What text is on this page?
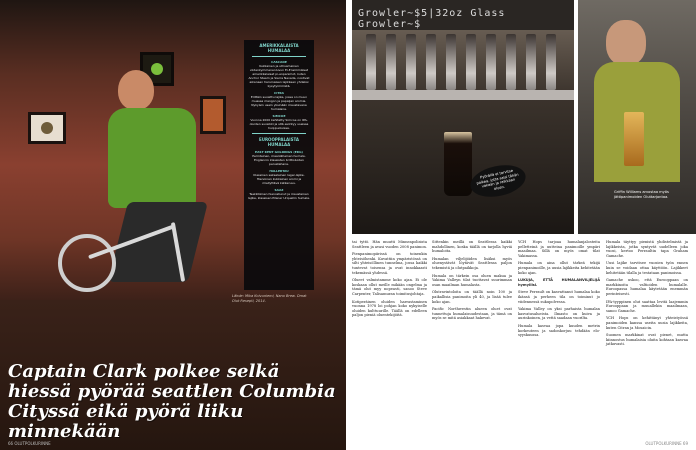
AMERIKKALAISTA HUMALAA
CASCADE
Kukkainen ja sitrusmainen viidenkymmenenluvun Ei-Ensimmäiset amerikkalaiset pi-enpanimot, kuten Anchor Steam ja Sierra Nevada, nostivat aikanaan haruinaisen lajikkeen yhdeksi kysytyimmistä.
CITRA
Erittäin suosittu lajike, jossa on muun muassa mangon ja papaijan aromia. Nykyisin usein yksinään maustavana humalana.
SIMCOE
Vuonna 2000 kehitetty Simcoe on IPA-oluiden suosikki ja sitä esiintyy useissa huippuoluissa.
EUROOPPALAISTA HUMALAA
EAST KENT GOLDINGS (EKG)
Perinteinen, maanläheinen humala. Englannin klassisten brittioluiden perustahana.
HALLERTAU
Klassinen saksalainen lager-lajike. Hienoinen kukkainen aromi ja miellyttävä katkeruus.
SAAZ
Tsekkiläinen hienostunut ja mausteinen lajike, klassisen Pilsner Urquellin humala.
Lähde: Mika Koivuniemi, Nano Brew. Omat Olut Resepti, 2014.
Captain Clark polkee selkä hiessä pyörää seattlen Columbia Cityssä eikä pyörä liiku minnekään
66 OLUTPOLKURINNE
Growler~$5|32oz Glass Growler~$
Pyörällä ei tarvitse polkea, jotta saisi tähän vakaan ja raikkaan oluen.
Griffin Williams arvostaa myös jättipanimoiden Oluttarjontaa.

tai tyttö. Hän muutti Minneapolisista Seattleen ja avasi vuoden 2008 panimon.

Pienpanimopiirissä on toinenkin yhteisöhenki. Kuvattiin ympäristössä on silti yhteisöllinen tunnelma, jossa kaikki tuntevat toisensa ja ovat innokkaasti tekemässä yhdessä.

Olueet valmistamme koko ajan. Ei ole koskaan ollut meille mikään ongelma ja tämä olut myy nopeasti, sanoo Steve Carpenter, Talisamuran toimitusjohtaja.

Kotiperäinen oluiden harrastaminen vuonna 1978 loi pohjan koko nykyiselle oluiden kulttuurille. Täällä on edelleen paljon pieniä oluentekijöitä.

Sittenkin meillä on Seattlessa kaikki mahdollinen, koska täällä on tarjolla hyviä humaloita.

Humalan viljelijöiden lisäksi myös oluenystävät löytävät Seattlessa paljon tekemistä ja olutpaikkoja.

Humala on tärkein osa oluen makua ja Yakima Valleyn tilat tuottavat suurimman osan maailman humalasta.

Olutravintoloita on täällä noin 100 ja paikallisia panimoita yli 40, ja lisää tulee koko ajan.

Pacific Northwestin alueen oluet ovat tunnettuja humalaisuudestaan, ja tämä on myös se mitä asiakkaat hakevat.

YCH Hops tarjoaa humalanjalosteita pelletteinä ja uutteina panimoille ympäri maailmaa. Sillä on myös omat tilat Yakimassa.

Humala on aina ollut tärkeä tekijä pienpanimoille, ja uusia lajikkeita kehitetään koko ajan.

LUKUJA, ETTÄ HUMALANVILJELIJÄ hymyilisi.

Steve Perrault on kasvattanut humalaa koko ikänsä ja perheen tila on toiminut jo viidennessä sukupolvessa.

Yakima Valley on yksi parhaista humalan kasvatusalueista. Ilmasto on kuiva ja aurinkoinen, ja vettä saadaan vuorilta.

Humala kasvaa jopa kuuden metrin korkeuteen ja sadonkorjuu tehdään elo-syyskuussa.

Humala täyttyy pienistä yhdistelmistä ja lajikkeista, jotka syntyvät uudelleen joka vuosi, kertoo Perraultin tapa Graham Gamache.

Uusi lajike tarvitsee vuosien työn ennen kuin se voidaan ottaa käyttöön. Lajikkeet kehitetään tilalla ja testataan panimoissa.

Gamache uskoo, että Eurooppaan on markkinoita valtioiden humalalle. Euroopassa humalaa käytetään enemmän perinteisesti.

IPA-tyyppinen olut saattaa levitä laajemmin Eurooppaan ja muuallekin maailmaan, sanoo Gamache.

YCH Hops on kehittänyt yhteistyössä panimoiden kanssa useita uusia lajikkeita, kuten Citran ja Mosaicin.

Suomen markkinat ovat pienet, mutta kiinnostus humalaisia oluita kohtaan kasvaa jatkuvasti.

OLUTPOLKURINNE 69
